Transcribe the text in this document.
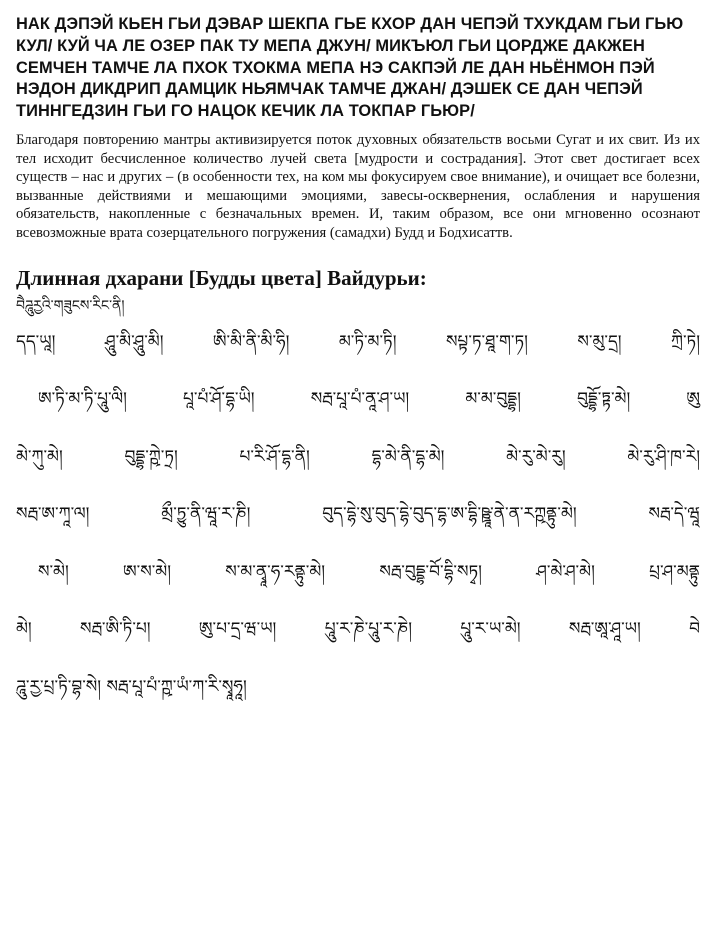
НАК ДЭПЭЙ КЬЕН ГЬИ ДЭВАР ШЕКПА ГЬЕ КХОР ДАН ЧЕПЭЙ ТХУКДАМ ГЬИ ГЬЮ КУЛ/ КУЙ ЧА ЛЕ ОЗЕР ПАК ТУ МЕПА ДЖУН/ МИКЪЮЛ ГЬИ ЦОРДЖЕ ДАКЖЕН СЕМЧЕН ТАМЧЕ ЛА ПХОК ТХОКМА МЕПА НЭ САКПЭЙ ЛЕ ДАН НЬЁНМОН ПЭЙ НЭДОН ДИКДРИП ДАМЦИК НЬЯМЧАК ТАМЧЕ ДЖАН/ ДЭШЕК СЕ ДАН ЧЕПЭЙ ТИННГЕДЗИН ГЬИ ГО НАЦОК КЕЧИК ЛА ТОКПАР ГЬЮР/

Благодаря повторению мантры активизируется поток духовных обязательств восьми Сугат и их свит. Из их тел исходит бесчисленное количество лучей света [мудрости и сострадания]. Этот свет достигает всех существ – нас и других – (в особенности тех, на ком мы фокусируем свое внимание), и очищает все болезни, вызванные действиями и мешающими эмоциями, завесы-осквернения, ослабления и нарушения обязательств, накопленные с безначальных времен. И, таким образом, все они мгновенно осознают всевозможные врата созерцательного погружения (самадхи) Будд и Бодхисаттв.

Длинная дхарани [Будды цвета] Вайдурьи:
བཻཌཱུརྱའི་གཟུངས་རིང་ནི།
དད་ཡཱ། ཤཱུ་མི་ཤཱུ་མི། ཨི་མི་ནི་མི་ཧི། མ་ཏི་མ་ཏི། སཔྟ་ཏ་ཐཱ་ག་ཏ། ས་མུ་དྲ། ཀྲི་ཏེ།
ཨ་ཏི་མ་ཏི་པཱུ་ལི། པཱ་པཾ་ཤོ་དྷ་ཡི། སརྦ་པཱ་པཾ་ནཱ་ཤ་ཡ། མ་མ་བུདྡྷ། བུདྡྷོ་ཏྟ་མེ། ཨུ
མེ་ཀུ་མེ། བུདྡྷ་ཀྵེ་ཏྲ། པ་རི་ཤོ་དྷ་ནི། དྷ་མེ་ནི་དྷ་མེ། མེ་རུ་མེ་རུ། མེ་རུ་ཤི་ཁ་རེ།
སརྦ་ཨ་ཀཱ་ལ། མྲྀ་ཏྱུ་ནི་ཝཱ་ར་ཎི། བུད་དྷེ་སུ་བུད་དྷེ་བུད་དྷ་ཨ་དྷི་ཥྛཱ་ནེ་ན་རཀྵནྟུ་མེ། སརྦ་དེ་ཝཱ
ས་མེ། ཨ་ས་མེ། ས་མ་ནྭཱ་ཧ་རནྟུ་མེ། སརྦ་བུདྡྷ་བོ་དྷི་སཏྭ། ཤ་མེ་ཤ་མེ། པྲ་ཤ་མནྟུ
མེ། སརྦ་ཨི་ཏི་པ། ཨུ་པ་དྲ་ཝ་ཡ། པཱུ་ར་ཎེ་པཱུ་ར་ཎེ། པཱུ་ར་ཡ་མེ། སརྦ་ཨཱ་ཤཱ་ཡ། བེ
ཌཱུ་རྱ་པྲ་ཏི་བྷ་སེ། སརྦ་པཱ་པཾ་ཀྵ་ཡཾ་ཀ་རི་སྭཱཧཱ།
